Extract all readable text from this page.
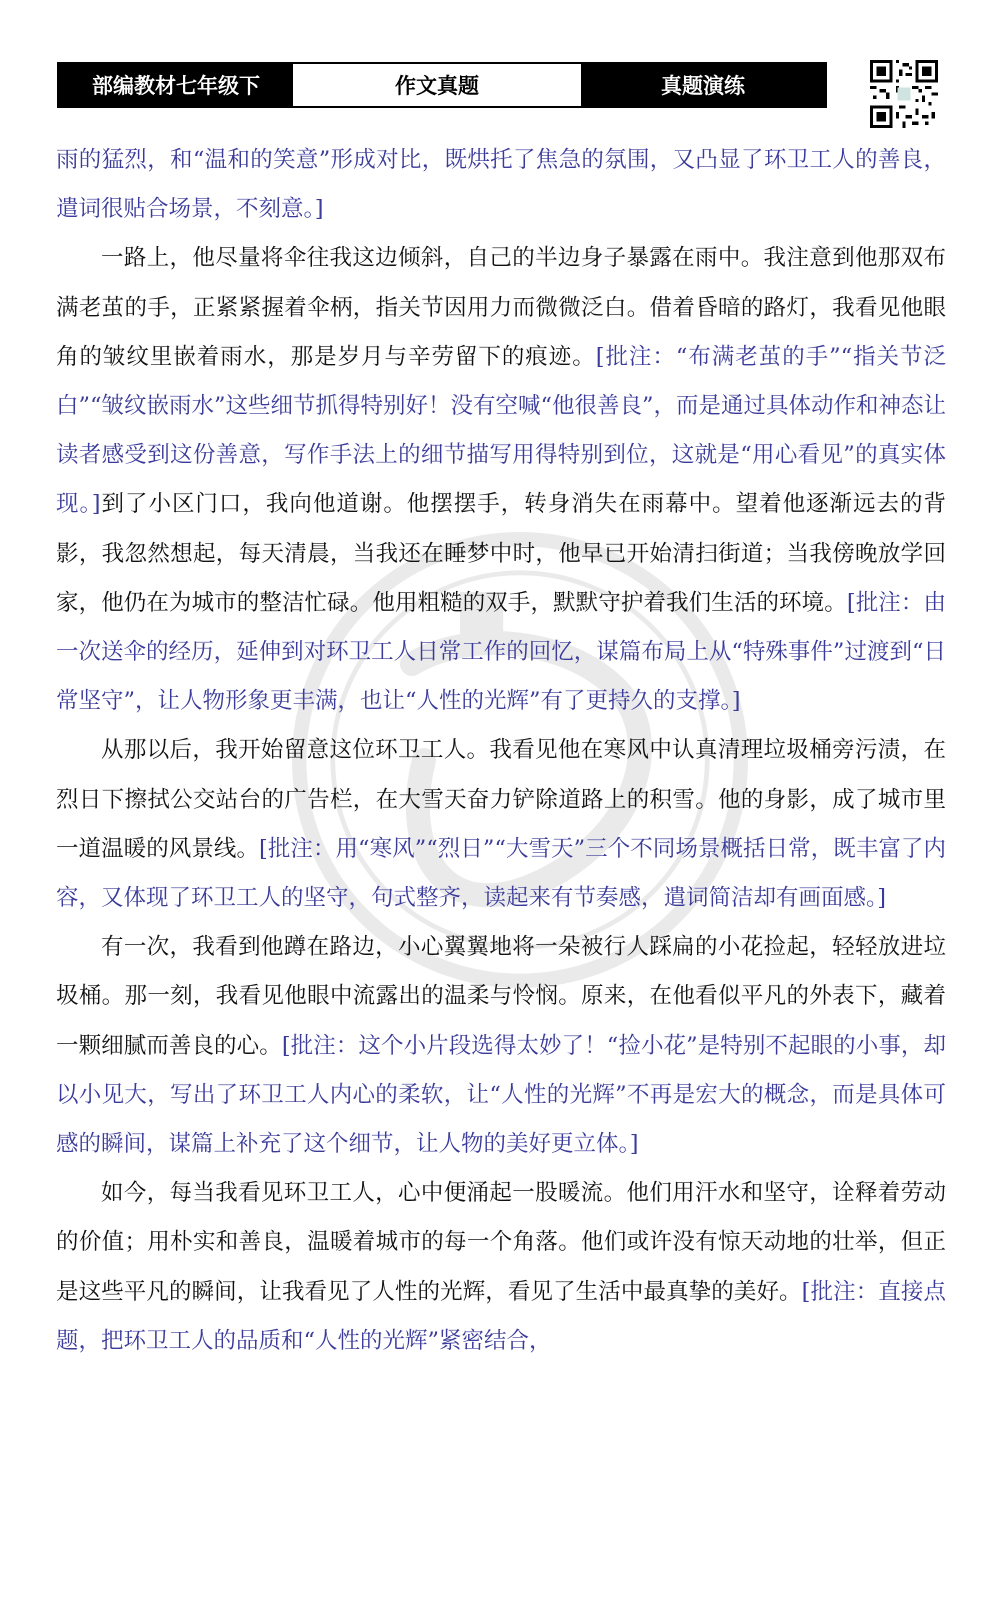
部编教材七年级下	作文真题	真题演练

雨的猛烈，和“温和的笑意”形成对比，既烘托了焦急的氛围，又凸显了环卫工人的善良，遣词很贴合场景，不刻意。]

一路上，他尽量将伞往我这边倾斜，自己的半边身子暴露在雨中。我注意到他那双布满老茧的手，正紧紧握着伞柄，指关节因用力而微微泛白。借着昏暗的路灯，我看见他眼角的皱纹里嵌着雨水，那是岁月与辛劳留下的痕迹。[批注：“布满老茧的手”“指关节泛白”“皱纹嵌雨水”这些细节抓得特别好！没有空喊“他很善良”，而是通过具体动作和神态让读者感受到这份善意，写作手法上的细节描写用得特别到位，这就是“用心看见”的真实体现。]到了小区门口，我向他道谢。他摆摆手，转身消失在雨幕中。望着他逐渐远去的背影，我忽然想起，每天清晨，当我还在睡梦中时，他早已开始清扫街道；当我傍晚放学回家，他仍在为城市的整洁忙碌。他用粗糙的双手，默默守护着我们生活的环境。[批注：由一次送伞的经历，延伸到对环卫工人日常工作的回忆，谋篇布局上从“特殊事件”过渡到“日常坚守”，让人物形象更丰满，也让“人性的光辉”有了更持久的支撑。]

从那以后，我开始留意这位环卫工人。我看见他在寒风中认真清理垃圾桶旁污渍，在烈日下擦拭公交站台的广告栏，在大雪天奋力铲除道路上的积雪。他的身影，成了城市里一道温暖的风景线。[批注：用“寒风”“烈日”“大雪天”三个不同场景概括日常，既丰富了内容，又体现了环卫工人的坚守，句式整齐，读起来有节奏感，遣词简洁却有画面感。]

有一次，我看到他蹲在路边，小心翼翼地将一朵被行人踩扁的小花捡起，轻轻放进垃圾桶。那一刻，我看见他眼中流露出的温柔与怜悯。原来，在他看似平凡的外表下，藏着一颗细腻而善良的心。[批注：这个小片段选得太妙了！“捡小花”是特别不起眼的小事，却以小见大，写出了环卫工人内心的柔软，让“人性的光辉”不再是宏大的概念，而是具体可感的瞬间，谋篇上补充了这个细节，让人物的美好更立体。]

如今，每当我看见环卫工人，心中便涌起一股暖流。他们用汗水和坚守，诠释着劳动的价值；用朴实和善良，温暖着城市的每一个角落。他们或许没有惊天动地的壮举，但正是这些平凡的瞬间，让我看见了人性的光辉，看见了生活中最真挚的美好。[批注：直接点题，把环卫工人的品质和“人性的光辉”紧密结合，
